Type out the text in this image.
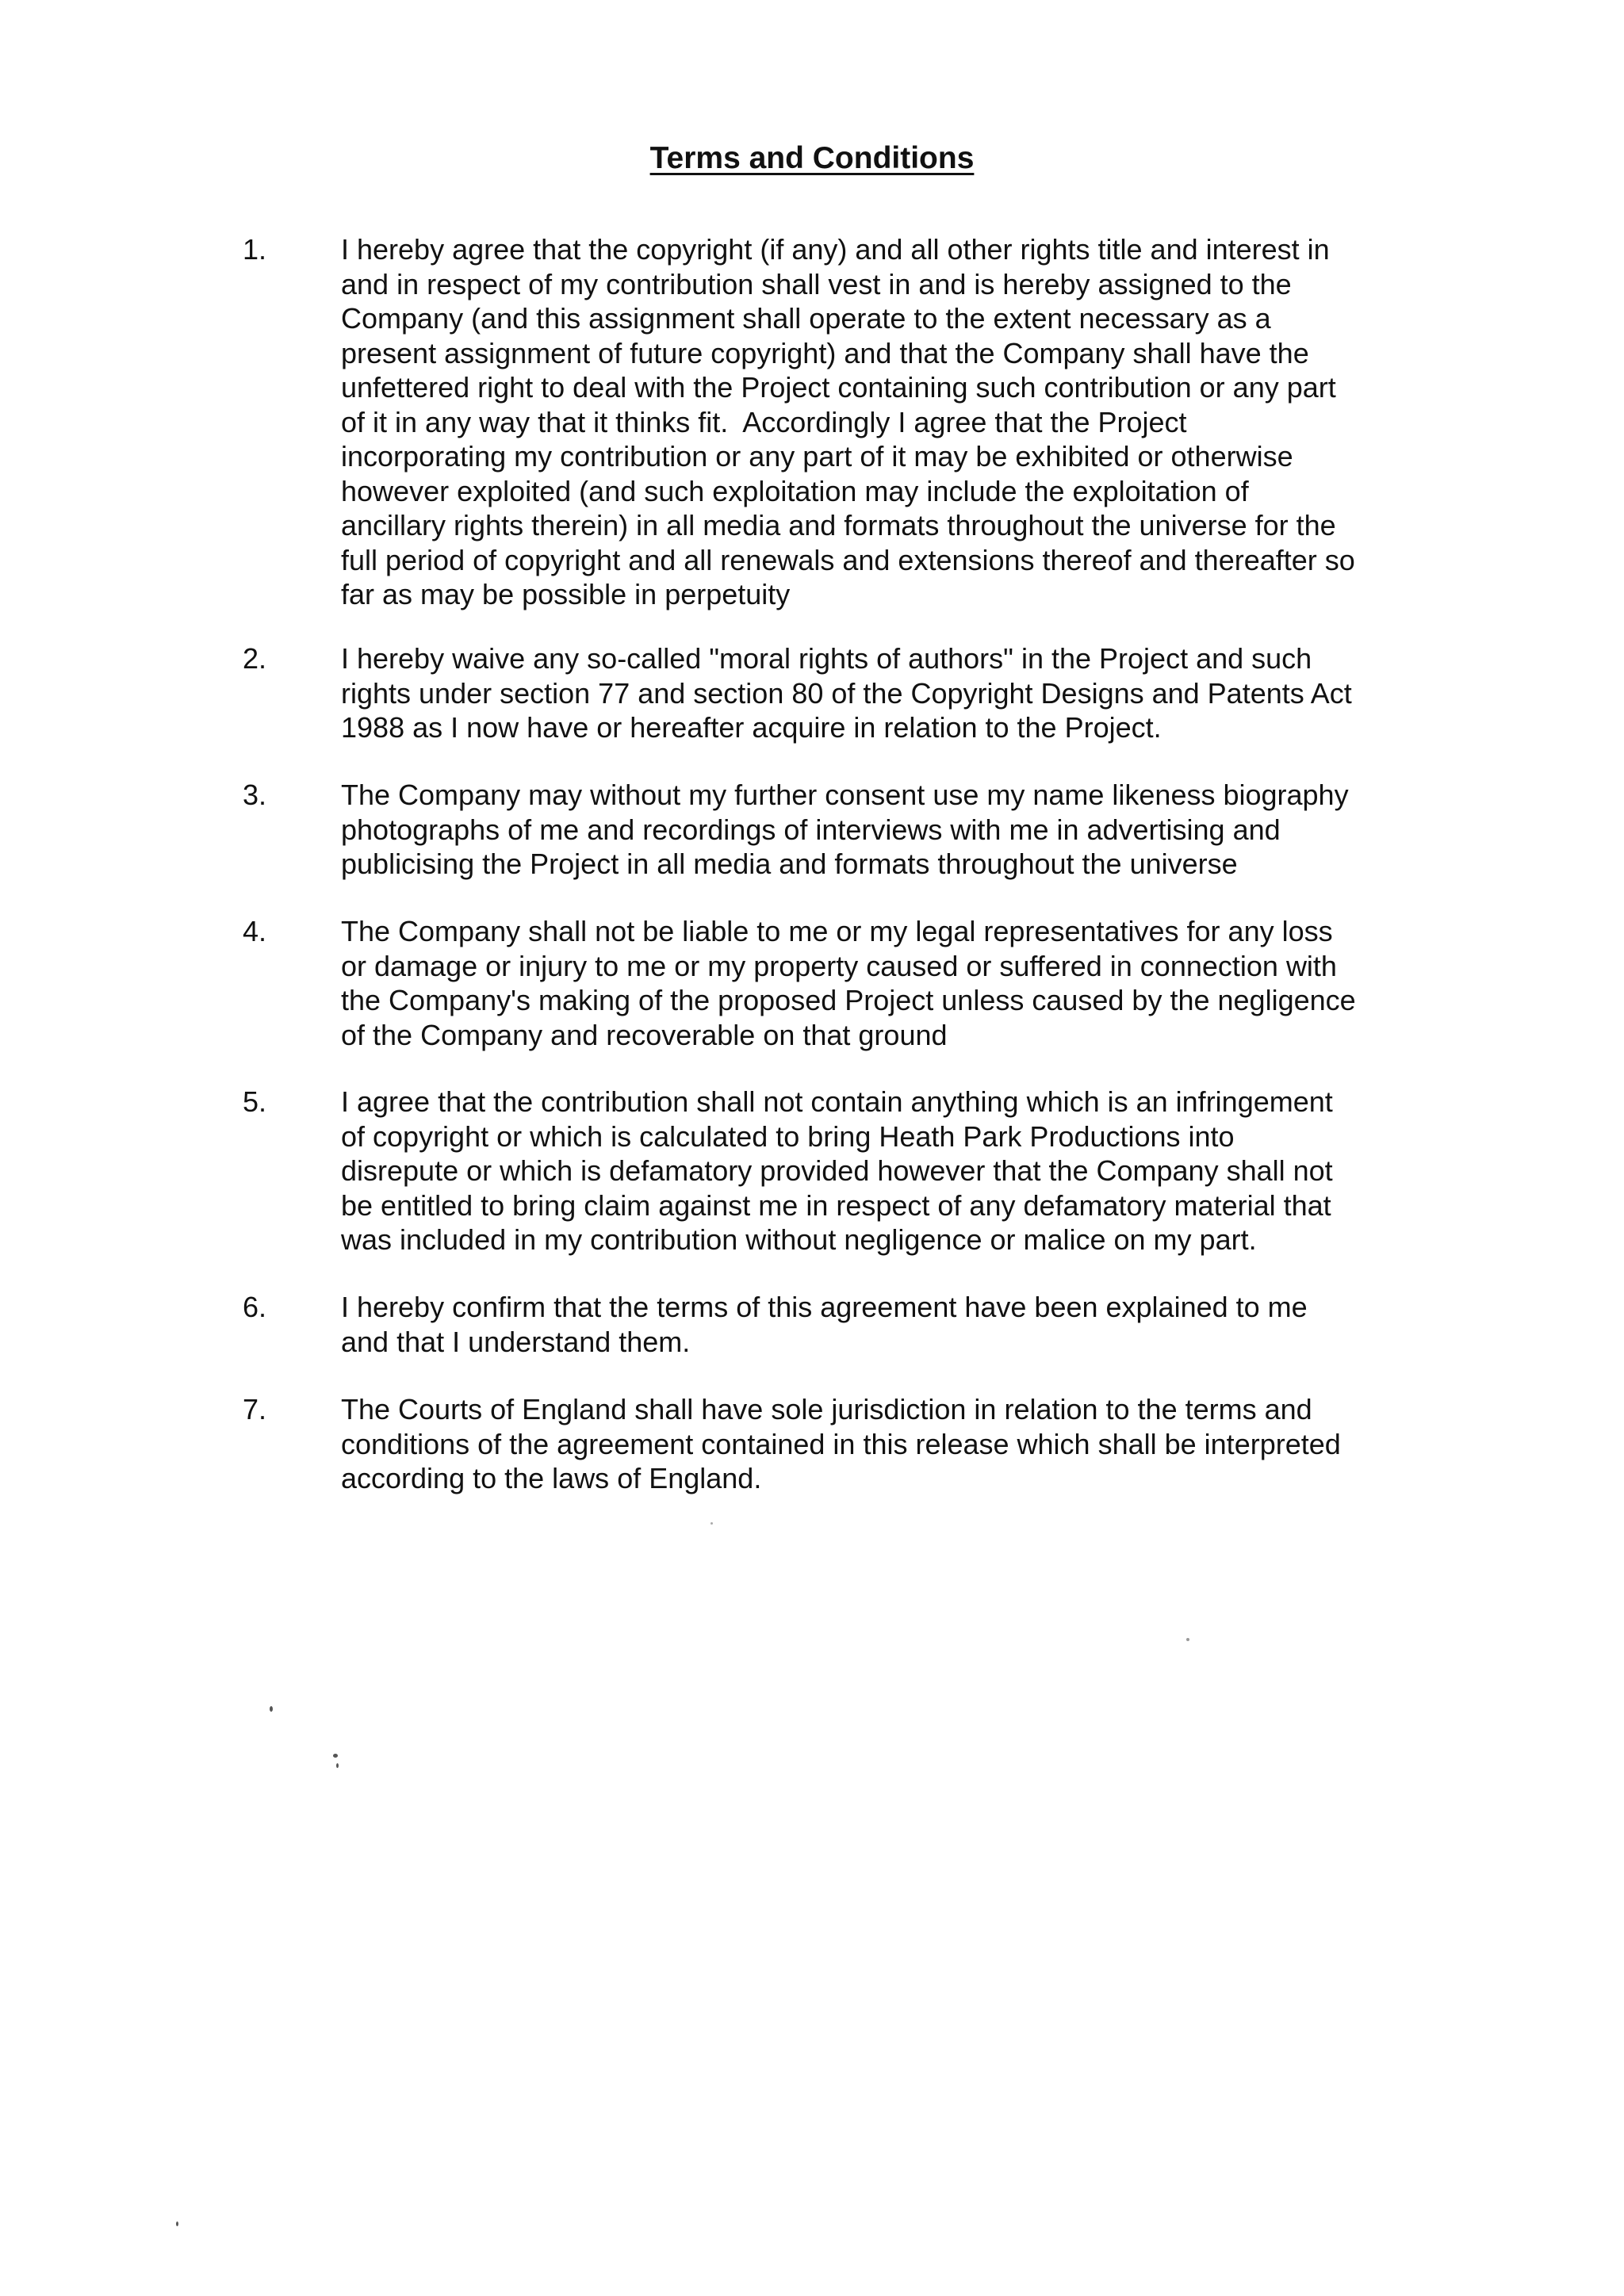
Terms and Conditions
1.	I hereby agree that the copyright (if any) and all other rights title and interest in
and in respect of my contribution shall vest in and is hereby assigned to the
Company (and this assignment shall operate to the extent necessary as a
present assignment of future copyright) and that the Company shall have the
unfettered right to deal with the Project containing such contribution or any part
of it in any way that it thinks fit.  Accordingly I agree that the Project
incorporating my contribution or any part of it may be exhibited or otherwise
however exploited (and such exploitation may include the exploitation of
ancillary rights therein) in all media and formats throughout the universe for the
full period of copyright and all renewals and extensions thereof and thereafter so
far as may be possible in perpetuity
2.	I hereby waive any so-called "moral rights of authors" in the Project and such
rights under section 77 and section 80 of the Copyright Designs and Patents Act
1988 as I now have or hereafter acquire in relation to the Project.
3.	The Company may without my further consent use my name likeness biography
photographs of me and recordings of interviews with me in advertising and
publicising the Project in all media and formats throughout the universe
4.	The Company shall not be liable to me or my legal representatives for any loss
or damage or injury to me or my property caused or suffered in connection with
the Company's making of the proposed Project unless caused by the negligence
of the Company and recoverable on that ground
5.	I agree that the contribution shall not contain anything which is an infringement
of copyright or which is calculated to bring Heath Park Productions into
disrepute or which is defamatory provided however that the Company shall not
be entitled to bring claim against me in respect of any defamatory material that
was included in my contribution without negligence or malice on my part.
6.	I hereby confirm that the terms of this agreement have been explained to me
and that I understand them.
7.	The Courts of England shall have sole jurisdiction in relation to the terms and
conditions of the agreement contained in this release which shall be interpreted
according to the laws of England.
